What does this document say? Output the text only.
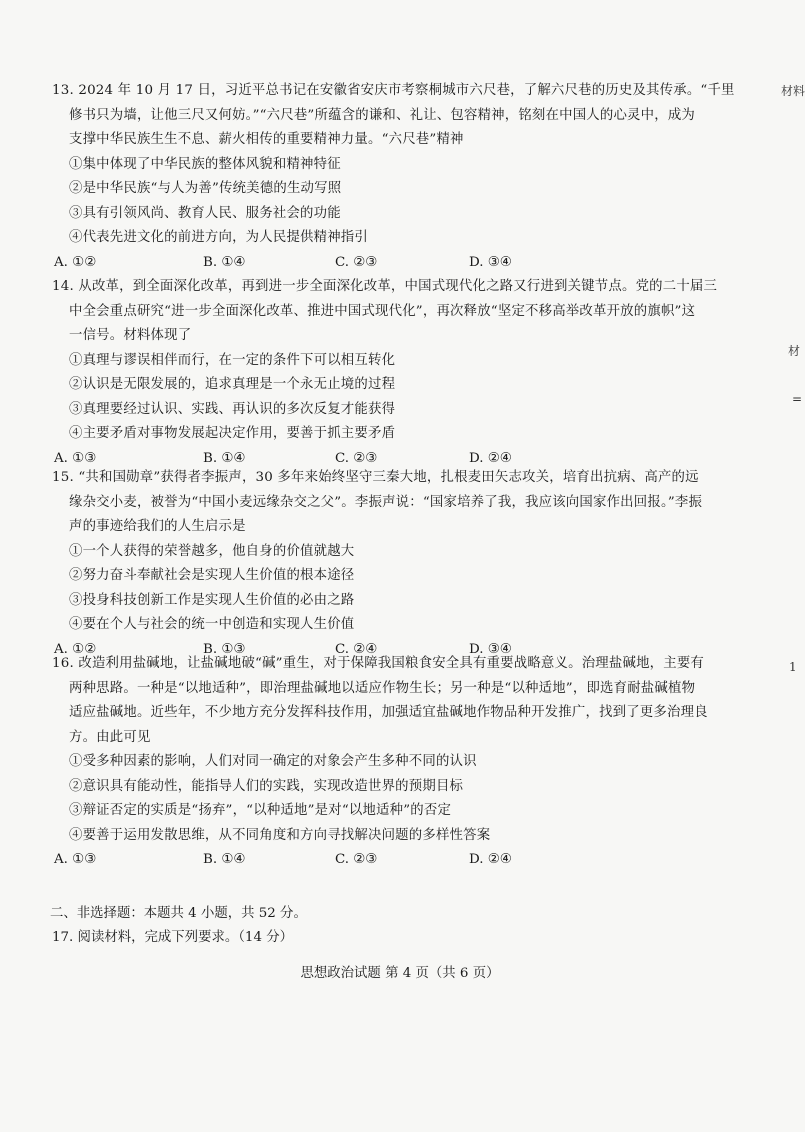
材料
材
=
1
13. 2024 年 10 月 17 日，习近平总书记在安徽省安庆市考察桐城市六尺巷，了解六尺巷的历史及其传承。“千里
修书只为墙，让他三尺又何妨。”“六尺巷”所蕴含的谦和、礼让、包容精神，铭刻在中国人的心灵中，成为
支撑中华民族生生不息、薪火相传的重要精神力量。“六尺巷”精神
①集中体现了中华民族的整体风貌和精神特征
②是中华民族“与人为善”传统美德的生动写照
③具有引领风尚、教育人民、服务社会的功能
④代表先进文化的前进方向，为人民提供精神指引
A. ①②	B. ①④	C. ②③	D. ③④
14. 从改革，到全面深化改革，再到进一步全面深化改革，中国式现代化之路又行进到关键节点。党的二十届三
中全会重点研究“进一步全面深化改革、推进中国式现代化”，再次释放“坚定不移高举改革开放的旗帜”这
一信号。材料体现了
①真理与谬误相伴而行，在一定的条件下可以相互转化
②认识是无限发展的，追求真理是一个永无止境的过程
③真理要经过认识、实践、再认识的多次反复才能获得
④主要矛盾对事物发展起决定作用，要善于抓主要矛盾
A. ①③	B. ①④	C. ②③	D. ②④
15. “共和国勋章”获得者李振声，30 多年来始终坚守三秦大地，扎根麦田矢志攻关，培育出抗病、高产的远
缘杂交小麦，被誉为“中国小麦远缘杂交之父”。李振声说：“国家培养了我，我应该向国家作出回报。”李振
声的事迹给我们的人生启示是
①一个人获得的荣誉越多，他自身的价值就越大
②努力奋斗奉献社会是实现人生价值的根本途径
③投身科技创新工作是实现人生价值的必由之路
④要在个人与社会的统一中创造和实现人生价值
A. ①②	B. ①③	C. ②④	D. ③④
16. 改造利用盐碱地，让盐碱地破“碱”重生，对于保障我国粮食安全具有重要战略意义。治理盐碱地，主要有
两种思路。一种是“以地适种”，即治理盐碱地以适应作物生长；另一种是“以种适地”，即选育耐盐碱植物
适应盐碱地。近些年，不少地方充分发挥科技作用，加强适宜盐碱地作物品种开发推广，找到了更多治理良
方。由此可见
①受多种因素的影响，人们对同一确定的对象会产生多种不同的认识
②意识具有能动性，能指导人们的实践，实现改造世界的预期目标
③辩证否定的实质是“扬弃”，“以种适地”是对“以地适种”的否定
④要善于运用发散思维，从不同角度和方向寻找解决问题的多样性答案
A. ①③	B. ①④	C. ②③	D. ②④
二、非选择题：本题共 4 小题，共 52 分。
17. 阅读材料，完成下列要求。（14 分）
思想政治试题 第 4 页（共 6 页）
